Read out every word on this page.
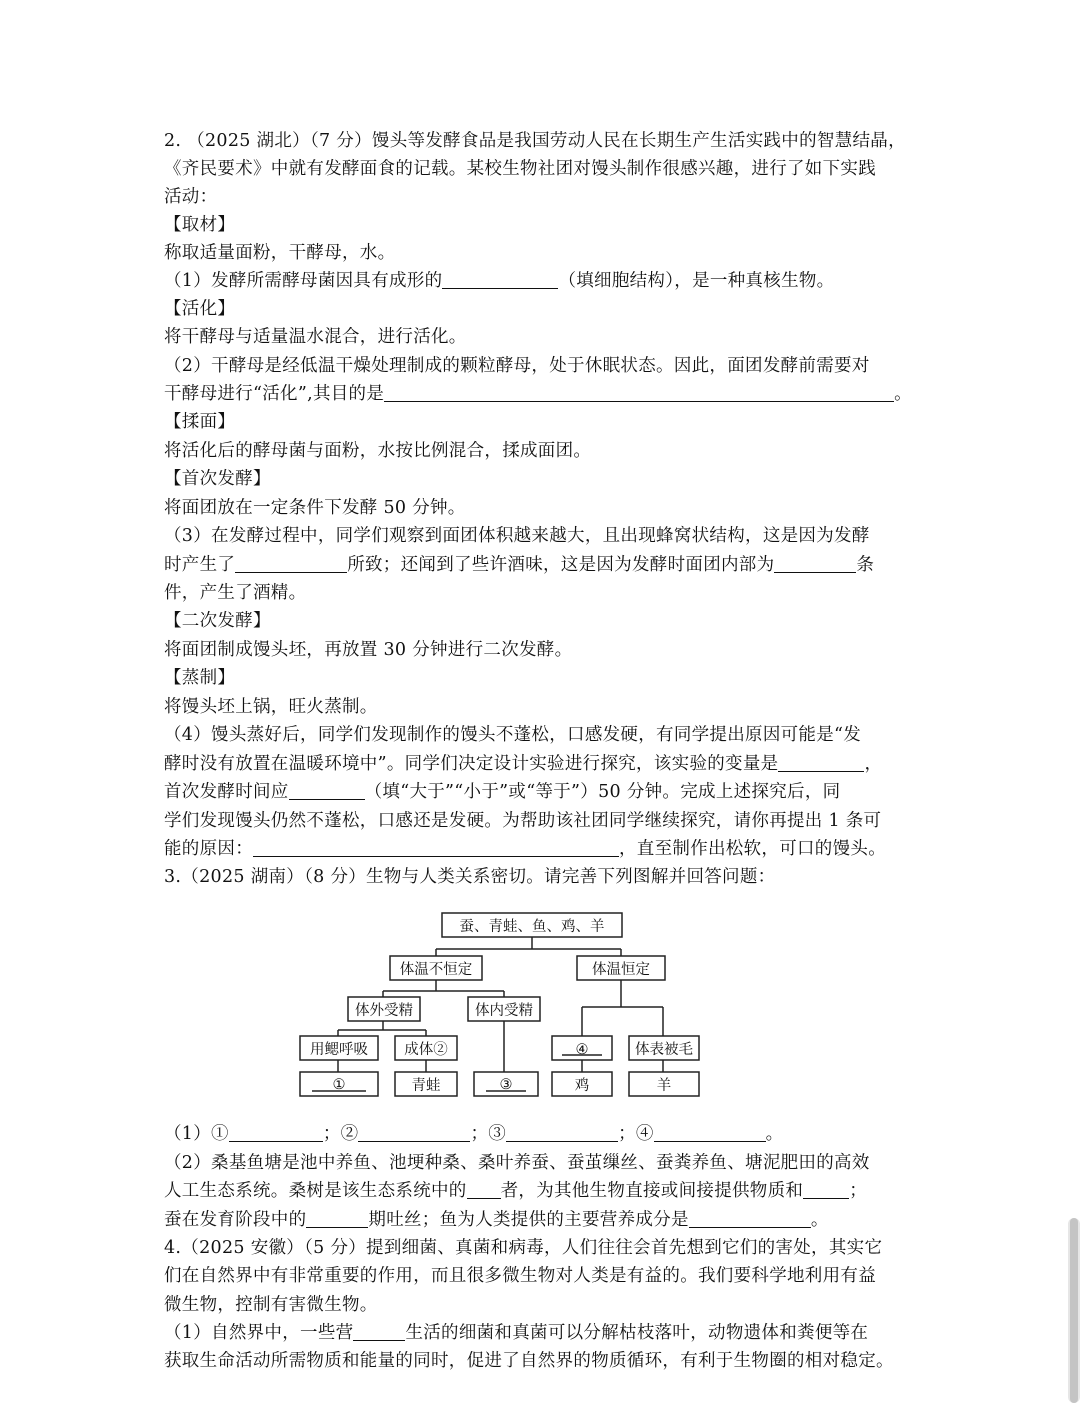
2. （2025 湖北）（7 分）馒头等发酵食品是我国劳动人民在长期生产生活实践中的智慧结晶，
《齐民要术》中就有发酵面食的记载。某校生物社团对馒头制作很感兴趣，进行了如下实践
活动：
【取材】
称取适量面粉，干酵母，水。
（1）发酵所需酵母菌因具有成形的	（填细胞结构），是一种真核生物。
【活化】
将干酵母与适量温水混合，进行活化。
（2）干酵母是经低温干燥处理制成的颗粒酵母，处于休眠状态。因此，面团发酵前需要对
干酵母进行“活化”,其目的是	。
【揉面】
将活化后的酵母菌与面粉，水按比例混合，揉成面团。
【首次发酵】
将面团放在一定条件下发酵 50 分钟。
（3）在发酵过程中，同学们观察到面团体积越来越大，且出现蜂窝状结构，这是因为发酵
时产生了	所致；还闻到了些许酒味，这是因为发酵时面团内部为	条
件，产生了酒精。
【二次发酵】
将面团制成馒头坯，再放置 30 分钟进行二次发酵。
【蒸制】
将馒头坯上锅，旺火蒸制。
（4）馒头蒸好后，同学们发现制作的馒头不蓬松，口感发硬，有同学提出原因可能是“发
酵时没有放置在温暖环境中”。同学们决定设计实验进行探究，该实验的变量是	，
首次发酵时间应	（填“大于”“小于”或“等于”）50 分钟。完成上述探究后，同
学们发现馒头仍然不蓬松，口感还是发硬。为帮助该社团同学继续探究，请你再提出 1 条可
能的原因：	，直至制作出松软，可口的馒头。
3.（2025 湖南）（8 分）生物与人类关系密切。请完善下列图解并回答问题：
蚕、青蛙、鱼、鸡、羊
体温不恒定	体温恒定
体外受精	体内受精
用鳃呼吸	成体②	④	体表被毛
①	青蛙	③	鸡	羊
（1）①	；②	；③	；④	。
（2）桑基鱼塘是池中养鱼、池埂种桑、桑叶养蚕、蚕茧缫丝、蚕粪养鱼、塘泥肥田的高效
人工生态系统。桑树是该生态系统中的 者，为其他生物直接或间接提供物质和	；
蚕在发育阶段中的	期吐丝；鱼为人类提供的主要营养成分是	。
4.（2025 安徽）（5 分）提到细菌、真菌和病毒，人们往往会首先想到它们的害处，其实它
们在自然界中有非常重要的作用，而且很多微生物对人类是有益的。我们要科学地利用有益
微生物，控制有害微生物。
（1）自然界中，一些营	生活的细菌和真菌可以分解枯枝落叶，动物遗体和粪便等在
获取生命活动所需物质和能量的同时，促进了自然界的物质循环，有利于生物圈的相对稳定。
